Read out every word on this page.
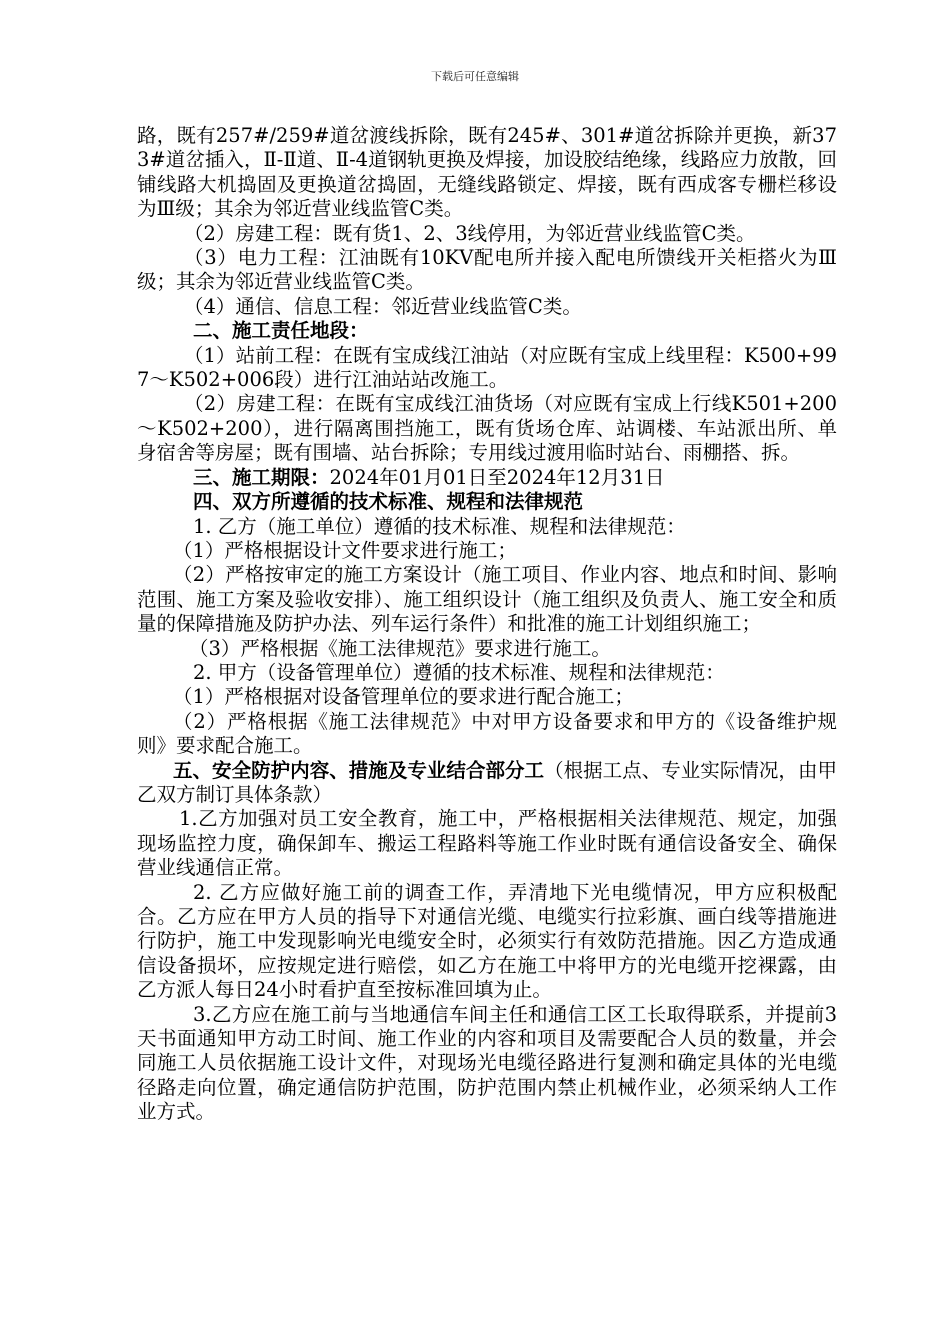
下载后可任意编辑

路，既有257#/259#道岔渡线拆除，既有245#、301#道岔拆除并更换，新373#道岔插入，Ⅱ-Ⅱ道、Ⅱ-4道钢轨更换及焊接，加设胶结绝缘，线路应力放散，回铺线路大机捣固及更换道岔捣固，无缝线路锁定、焊接，既有西成客专栅栏移设为Ⅲ级；其余为邻近营业线监管C类。

（2）房建工程：既有货1、2、3线停用，为邻近营业线监管C类。

（3）电力工程：江油既有10KV配电所并接入配电所馈线开关柜搭火为Ⅲ级；其余为邻近营业线监管C类。

（4）通信、信息工程：邻近营业线监管C类。

二、施工责任地段：

（1）站前工程：在既有宝成线江油站（对应既有宝成上线里程：K500+997～K502+006段）进行江油站站改施工。

（2）房建工程：在既有宝成线江油货场（对应既有宝成上行线K501+200～K502+200），进行隔离围挡施工，既有货场仓库、站调楼、车站派出所、单身宿舍等房屋；既有围墙、站台拆除；专用线过渡用临时站台、雨棚搭、拆。

三、施工期限：2024年01月01日至2024年12月31日

四、双方所遵循的技术标准、规程和法律规范

1. 乙方（施工单位）遵循的技术标准、规程和法律规范：

（1）严格根据设计文件要求进行施工；

（2）严格按审定的施工方案设计（施工项目、作业内容、地点和时间、影响范围、施工方案及验收安排）、施工组织设计（施工组织及负责人、施工安全和质量的保障措施及防护办法、列车运行条件）和批准的施工计划组织施工；

（3）严格根据《施工法律规范》要求进行施工。

2. 甲方（设备管理单位）遵循的技术标准、规程和法律规范：

（1）严格根据对设备管理单位的要求进行配合施工；

（2）严格根据《施工法律规范》中对甲方设备要求和甲方的《设备维护规则》要求配合施工。

五、安全防护内容、措施及专业结合部分工（根据工点、专业实际情况，由甲乙双方制订具体条款）

1.乙方加强对员工安全教育，施工中，严格根据相关法律规范、规定，加强现场监控力度，确保卸车、搬运工程路料等施工作业时既有通信设备安全、确保营业线通信正常。

2. 乙方应做好施工前的调查工作，弄清地下光电缆情况，甲方应积极配合。乙方应在甲方人员的指导下对通信光缆、电缆实行拉彩旗、画白线等措施进行防护，施工中发现影响光电缆安全时，必须实行有效防范措施。因乙方造成通信设备损坏，应按规定进行赔偿，如乙方在施工中将甲方的光电缆开挖裸露，由乙方派人每日24小时看护直至按标准回填为止。

3.乙方应在施工前与当地通信车间主任和通信工区工长取得联系，并提前3天书面通知甲方动工时间、施工作业的内容和项目及需要配合人员的数量，并会同施工人员依据施工设计文件，对现场光电缆径路进行复测和确定具体的光电缆径路走向位置，确定通信防护范围，防护范围内禁止机械作业，必须采纳人工作业方式。
